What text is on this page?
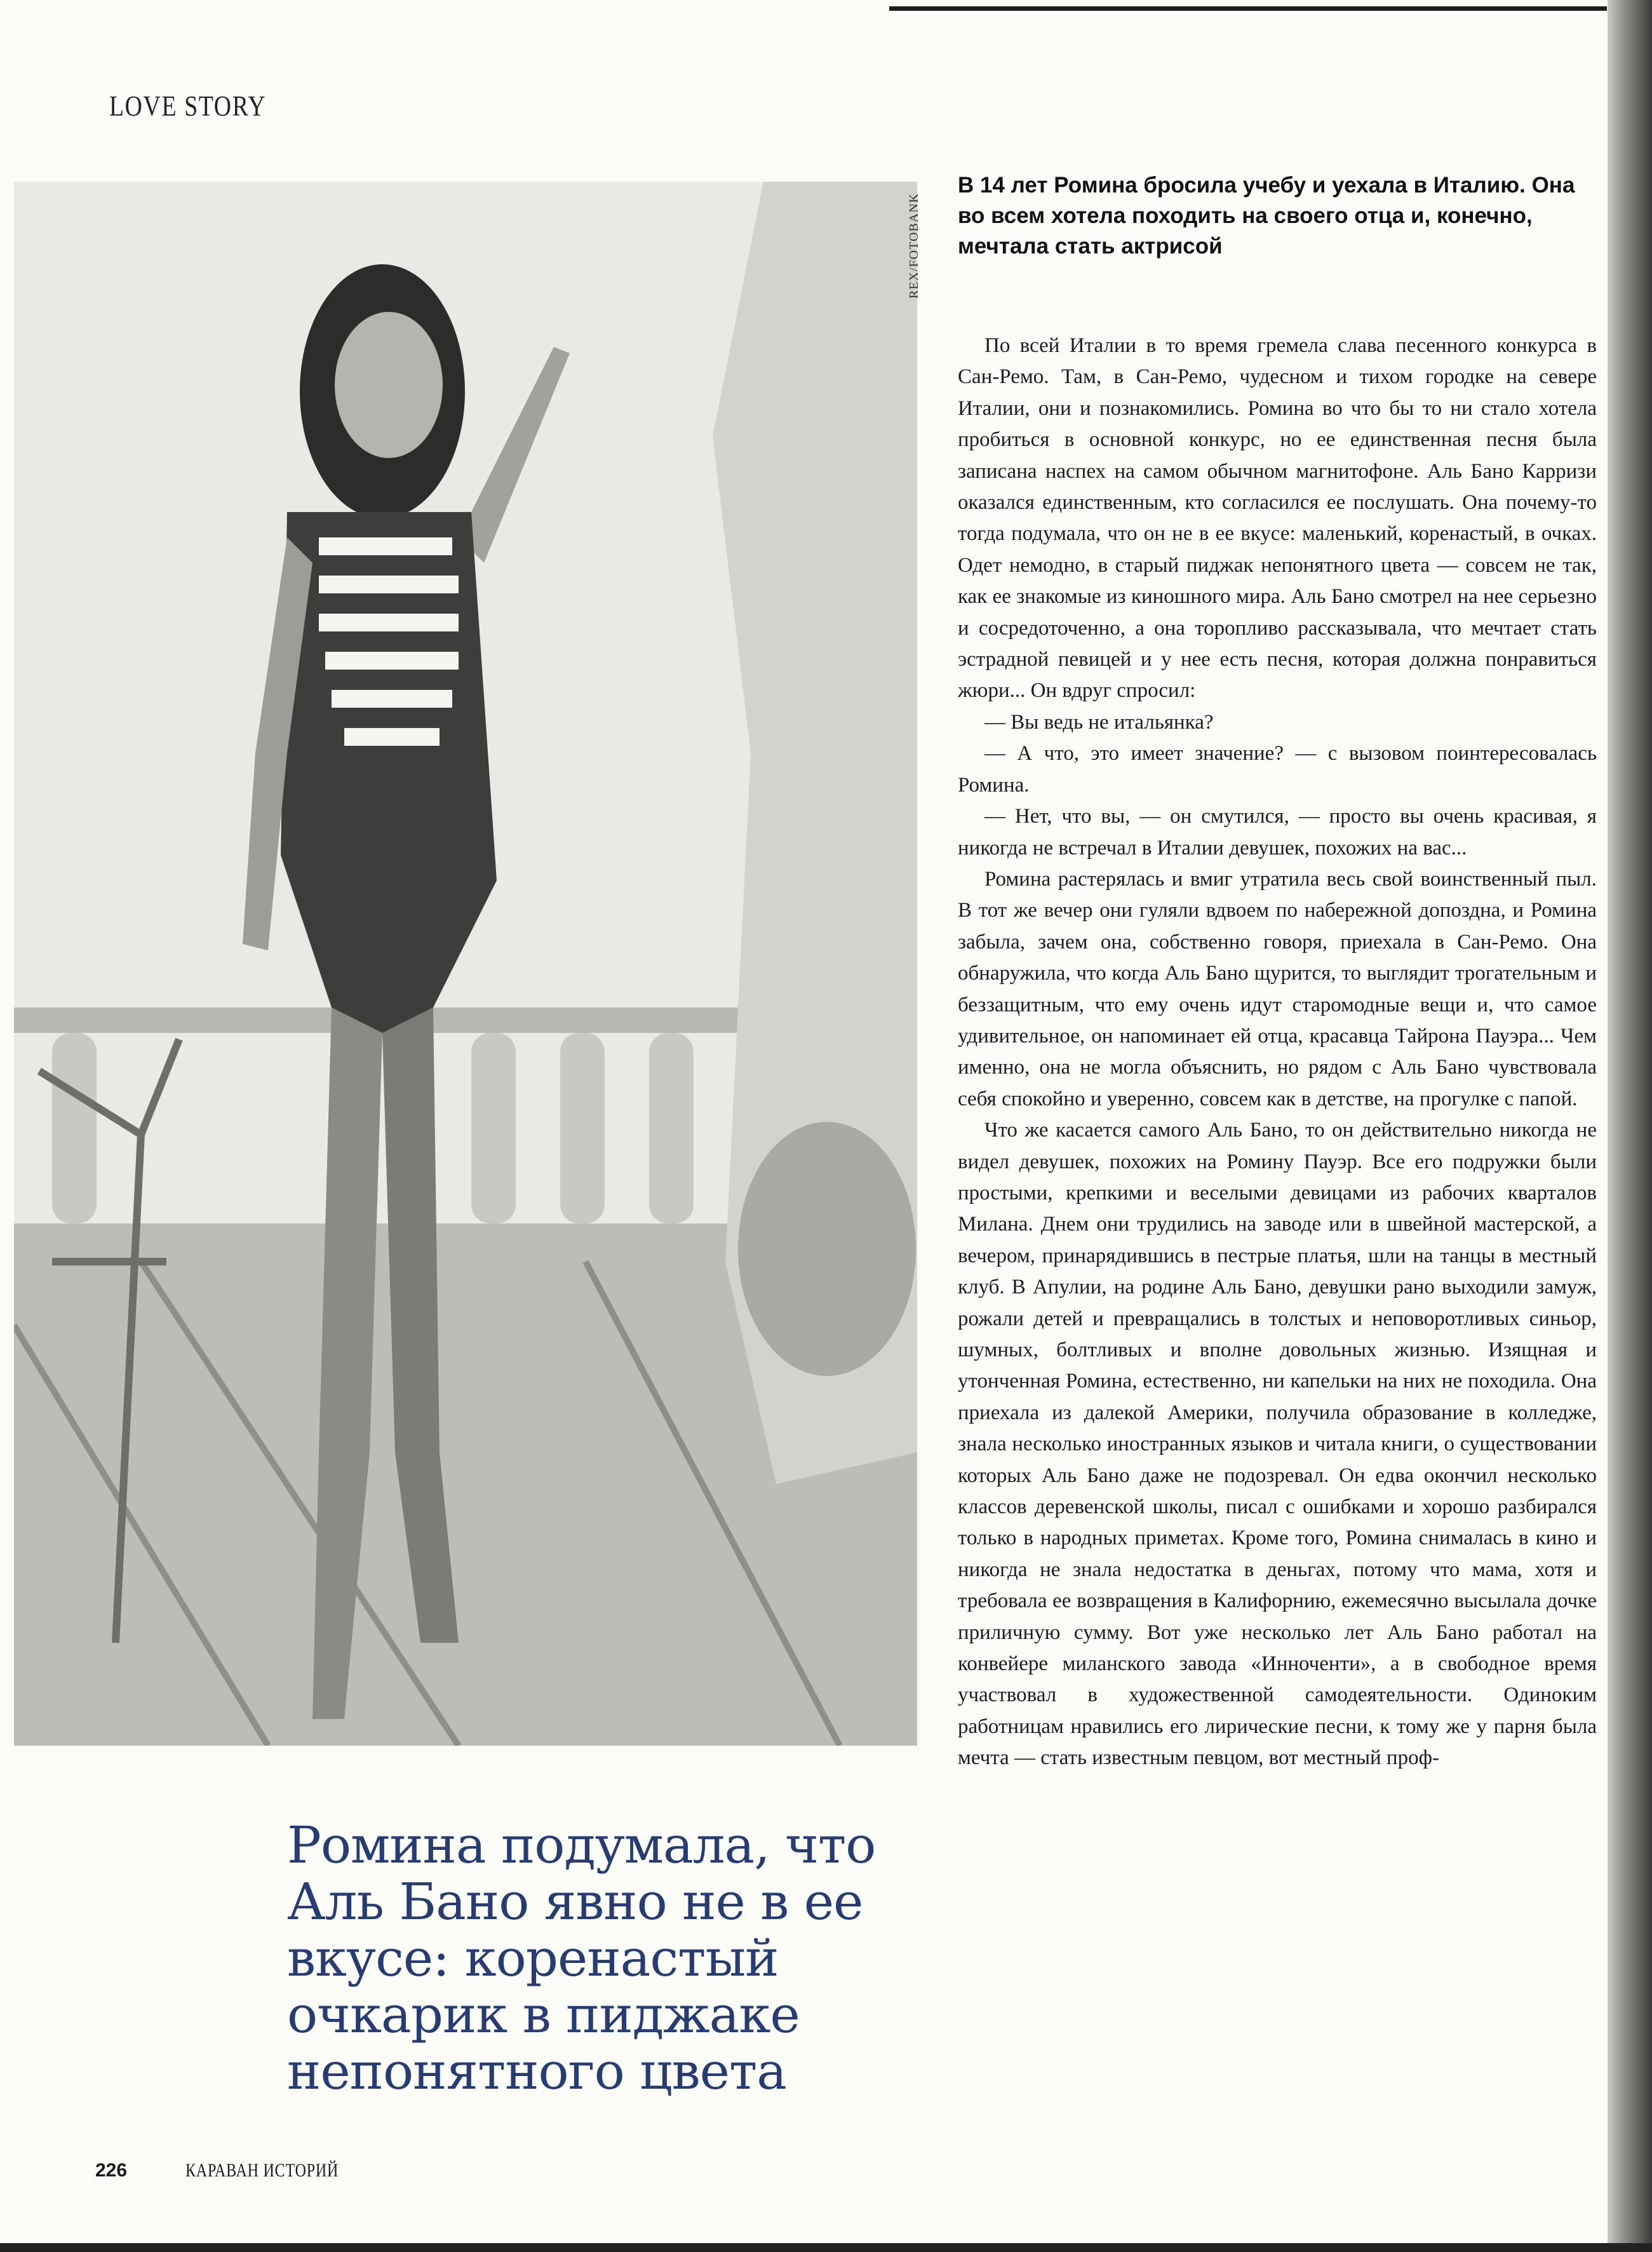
LOVE STORY
REX/FOTOBANK
В 14 лет Ромина бросила учебу и уехала в Италию. Она во всем хотела походить на своего отца и, конечно, мечтала стать актрисой

По всей Италии в то время гремела слава песенного конкурса в Сан-Ремо. Там, в Сан-Ремо, чудесном и тихом городке на севере Италии, они и познакомились. Ромина во что бы то ни стало хотела пробиться в основной конкурс, но ее единственная песня была записана наспех на самом обычном магнитофоне. Аль Бано Карризи оказался единственным, кто согласился ее послушать. Она почему-то тогда подумала, что он не в ее вкусе: маленький, коренастый, в очках. Одет немодно, в старый пиджак непонятного цвета — совсем не так, как ее знакомые из киношного мира. Аль Бано смотрел на нее серьезно и сосредоточенно, а она торопливо рассказывала, что мечтает стать эстрадной певицей и у нее есть песня, которая должна понравиться жюри... Он вдруг спросил:

— Вы ведь не итальянка?

— А что, это имеет значение? — с вызовом поинтересовалась Ромина.

— Нет, что вы, — он смутился, — просто вы очень красивая, я никогда не встречал в Италии девушек, похожих на вас...

Ромина растерялась и вмиг утратила весь свой воинственный пыл. В тот же вечер они гуляли вдвоем по набережной допоздна, и Ромина забыла, зачем она, собственно говоря, приехала в Сан-Ремо. Она обнаружила, что когда Аль Бано щурится, то выглядит трогательным и беззащитным, что ему очень идут старомодные вещи и, что самое удивительное, он напоминает ей отца, красавца Тайрона Пауэра... Чем именно, она не могла объяснить, но рядом с Аль Бано чувствовала себя спокойно и уверенно, совсем как в детстве, на прогулке с папой.

Что же касается самого Аль Бано, то он действительно никогда не видел девушек, похожих на Ромину Пауэр. Все его подружки были простыми, крепкими и веселыми девицами из рабочих кварталов Милана. Днем они трудились на заводе или в швейной мастерской, а вечером, принарядившись в пестрые платья, шли на танцы в местный клуб. В Апулии, на родине Аль Бано, девушки рано выходили замуж, рожали детей и превращались в толстых и неповоротливых синьор, шумных, болтливых и вполне довольных жизнью. Изящная и утонченная Ромина, естественно, ни капельки на них не походила. Она приехала из далекой Америки, получила образование в колледже, знала несколько иностранных языков и читала книги, о существовании которых Аль Бано даже не подозревал. Он едва окончил несколько классов деревенской школы, писал с ошибками и хорошо разбирался только в народных приметах. Кроме того, Ромина снималась в кино и никогда не знала недостатка в деньгах, потому что мама, хотя и требовала ее возвращения в Калифорнию, ежемесячно высылала дочке приличную сумму. Вот уже несколько лет Аль Бано работал на конвейере миланского завода «Инноченти», а в свободное время участвовал в художественной самодеятельности. Одиноким работницам нравились его лирические песни, к тому же у парня была мечта — стать известным певцом, вот местный проф-

Ромина подумала, что Аль Бано явно не в ее вкусе: коренастый очкарик в пиджаке непонятного цвета
226	КАРАВАН ИСТОРИЙ
